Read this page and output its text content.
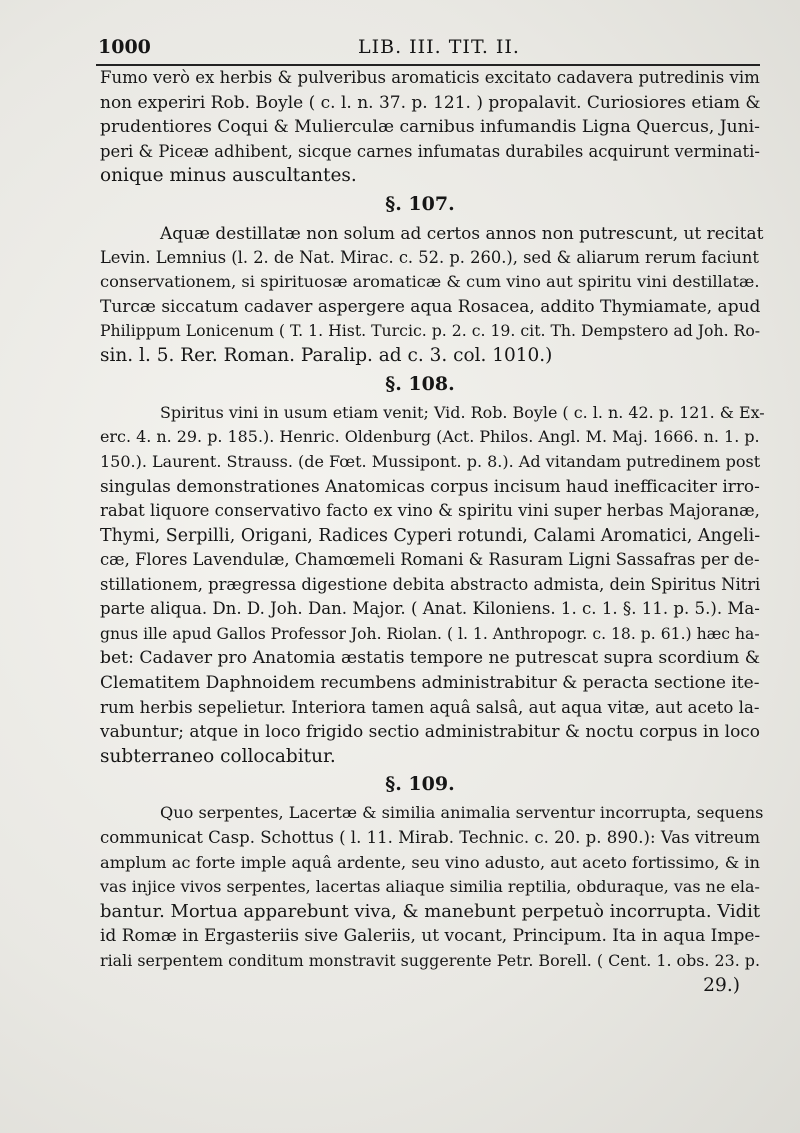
1000	LIB. III. TIT. II.
Fumo verò ex herbis & pulveribus aromaticis excitato cadavera putredinis vim
non experiri Rob. Boyle ( c. l. n. 37. p. 121. ) propalavit. Curiosiores etiam &
prudentiores Coqui & Mulierculæ carnibus infumandis Ligna Quercus, Juni-
peri & Piceæ adhibent, sicque carnes infumatas durabiles acquirunt verminati-
onique minus auscultantes.
§. 107.
Aquæ destillatæ non solum ad certos annos non putrescunt, ut recitat
Levin. Lemnius (l. 2. de Nat. Mirac. c. 52. p. 260.), sed & aliarum rerum faciunt
conservationem, si spirituosæ aromaticæ & cum vino aut spiritu vini destillatæ.
Turcæ siccatum cadaver aspergere aqua Rosacea, addito Thymiamate, apud
Philippum Lonicenum ( T. 1. Hist. Turcic. p. 2. c. 19. cit. Th. Dempstero ad Joh. Ro-
sin. l. 5. Rer. Roman. Paralip. ad c. 3. col. 1010.)
§. 108.
Spiritus vini in usum etiam venit; Vid. Rob. Boyle ( c. l. n. 42. p. 121. & Ex-
erc. 4. n. 29. p. 185.). Henric. Oldenburg (Act. Philos. Angl. M. Maj. 1666. n. 1. p.
150.). Laurent. Strauss. (de Fœt. Mussipont. p. 8.). Ad vitandam putredinem post
singulas demonstrationes Anatomicas corpus incisum haud inefficaciter irro-
rabat liquore conservativo facto ex vino & spiritu vini super herbas Majoranæ,
Thymi, Serpilli, Origani, Radices Cyperi rotundi, Calami Aromatici, Angeli-
cæ, Flores Lavendulæ, Chamœmeli Romani & Rasuram Ligni Sassafras per de-
stillationem, prægressa digestione debita abstracto admista, dein Spiritus Nitri
parte aliqua. Dn. D. Joh. Dan. Major. ( Anat. Kiloniens. 1. c. 1. §. 11. p. 5.). Ma-
gnus ille apud Gallos Professor Joh. Riolan. ( l. 1. Anthropogr. c. 18. p. 61.) hæc ha-
bet: Cadaver pro Anatomia æstatis tempore ne putrescat supra scordium &
Clematitem Daphnoidem recumbens administrabitur & peracta sectione ite-
rum herbis sepelietur. Interiora tamen aquâ salsâ, aut aqua vitæ, aut aceto la-
vabuntur; atque in loco frigido sectio administrabitur & noctu corpus in loco
subterraneo collocabitur.
§. 109.
Quo serpentes, Lacertæ & similia animalia serventur incorrupta, sequens
communicat Casp. Schottus ( l. 11. Mirab. Technic. c. 20. p. 890.): Vas vitreum
amplum ac forte imple aquâ ardente, seu vino adusto, aut aceto fortissimo, & in
vas injice vivos serpentes, lacertas aliaque similia reptilia, obduraque, vas ne ela-
bantur. Mortua apparebunt viva, & manebunt perpetuò incorrupta. Vidit
id Romæ in Ergasteriis sive Galeriis, ut vocant, Principum. Ita in aqua Impe-
riali serpentem conditum monstravit suggerente Petr. Borell. ( Cent. 1. obs. 23. p.
29.)
